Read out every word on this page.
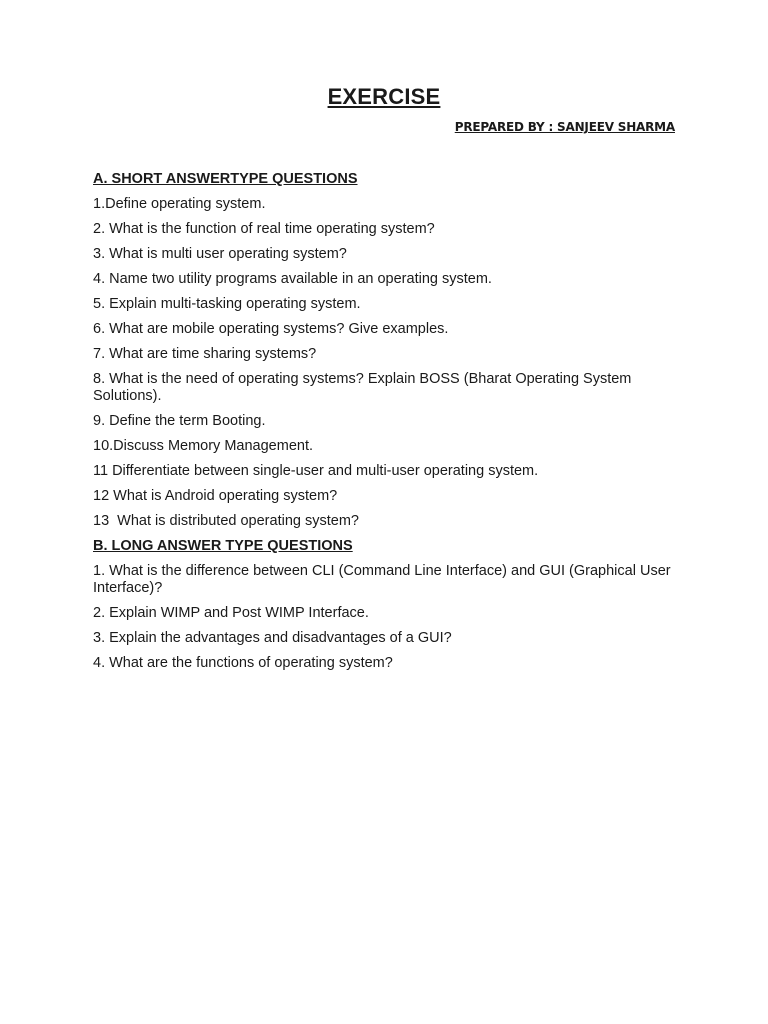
EXERCISE
PREPARED BY : SANJEEV SHARMA
A. SHORT ANSWERTYPE QUESTIONS
1.Define operating system.
2. What is the function of real time operating system?
3. What is multi user operating system?
4. Name two utility programs available in an operating system.
5. Explain multi-tasking operating system.
6. What are mobile operating systems? Give examples.
7. What are time sharing systems?
8. What is the need of operating systems? Explain BOSS (Bharat Operating System Solutions).
9. Define the term Booting.
10.Discuss Memory Management.
11 Differentiate between single-user and multi-user operating system.
12 What is Android operating system?
13  What is distributed operating system?
B. LONG ANSWER TYPE QUESTIONS
1. What is the difference between CLI (Command Line Interface) and GUI (Graphical User Interface)?
2. Explain WIMP and Post WIMP Interface.
3. Explain the advantages and disadvantages of a GUI?
4. What are the functions of operating system?
